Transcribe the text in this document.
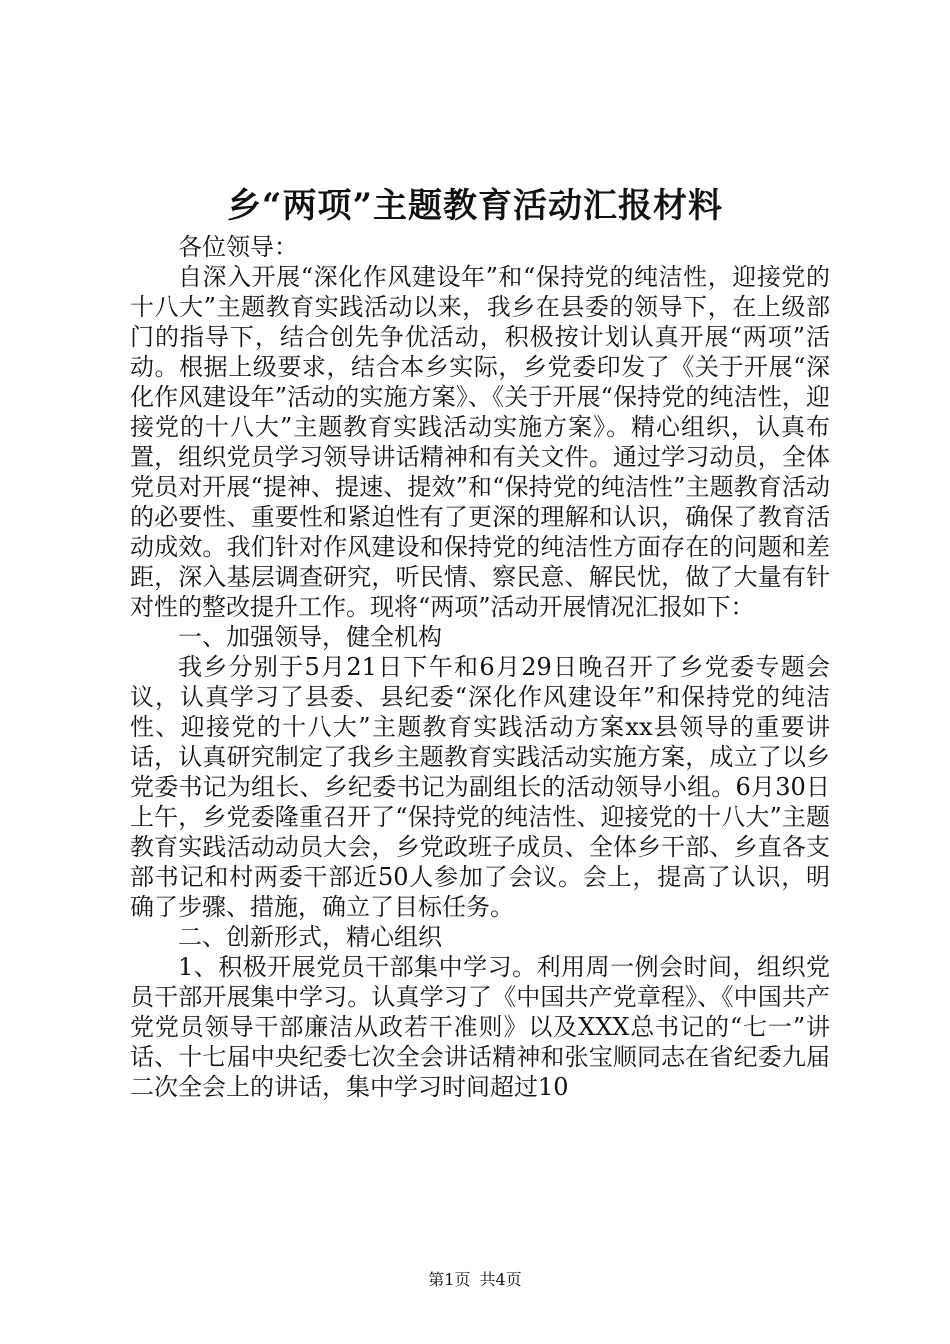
乡“两项”主题教育活动汇报材料

各位领导：

自深入开展“深化作风建设年”和“保持党的纯洁性，迎接党的十八大”主题教育实践活动以来，我乡在县委的领导下，在上级部门的指导下，结合创先争优活动，积极按计划认真开展“两项”活动。根据上级要求，结合本乡实际，乡党委印发了《关于开展“深化作风建设年”活动的实施方案》、《关于开展“保持党的纯洁性，迎接党的十八大”主题教育实践活动实施方案》。精心组织，认真布置，组织党员学习领导讲话精神和有关文件。通过学习动员，全体党员对开展“提神、提速、提效”和“保持党的纯洁性”主题教育活动的必要性、重要性和紧迫性有了更深的理解和认识，确保了教育活动成效。我们针对作风建设和保持党的纯洁性方面存在的问题和差距，深入基层调查研究，听民情、察民意、解民忧，做了大量有针对性的整改提升工作。现将“两项”活动开展情况汇报如下：

一、加强领导，健全机构

我乡分别于5月21日下午和6月29日晚召开了乡党委专题会议，认真学习了县委、县纪委“深化作风建设年”和保持党的纯洁性、迎接党的十八大”主题教育实践活动方案xx县领导的重要讲话，认真研究制定了我乡主题教育实践活动实施方案，成立了以乡党委书记为组长、乡纪委书记为副组长的活动领导小组。6月30日上午，乡党委隆重召开了“保持党的纯洁性、迎接党的十八大”主题教育实践活动动员大会，乡党政班子成员、全体乡干部、乡直各支部书记和村两委干部近50人参加了会议。会上，提高了认识，明确了步骤、措施，确立了目标任务。

二、创新形式，精心组织

1、积极开展党员干部集中学习。利用周一例会时间，组织党员干部开展集中学习。认真学习了《中国共产党章程》、《中国共产党党员领导干部廉洁从政若干准则》以及XXX总书记的“七一”讲话、十七届中央纪委七次全会讲话精神和张宝顺同志在省纪委九届二次全会上的讲话，集中学习时间超过10

第1页 共4页
